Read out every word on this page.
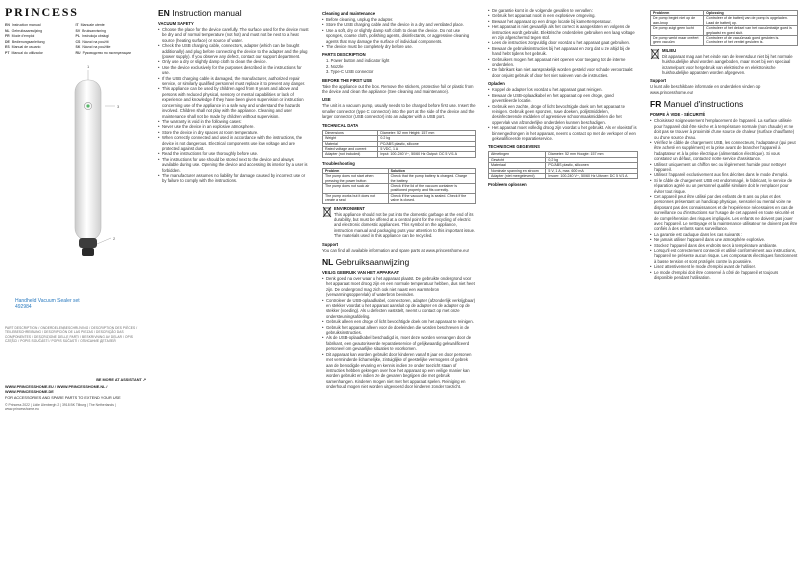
PRINCESS
EN Instruction manual	IT Manuale utente
NL Gebruiksaanwijzing	SV Bruksanvisning
FR Mode d'emploi	PL Instrukcja obsługi
DE Bedienungsanleitung	CS Návod na použití
ES Manual de usuario	SK Návod na použitie
PT Manual do utilizador	RU Руководство по эксплуатации
1
3
2
Handheld Vacuum Sealer set
492984
PART DESCRIPTION / ONDERDELENBESCHRIJVING / DESCRIPTION DES PIÈCES / TEILEBESCHREIBUNG / DESCRIPCIÓN DE LAS PIEZAS / DESCRIÇÃO DAS COMPONENTES / DESCRIZIONE DELLE PARTI / BESKRIVNING AV DELAR / OPIS CZĘŚCI / POPIS SOUČÁSTÍ / POPIS SÚČASTÍ / ОПИСАНИЕ ДЕТАЛЕЙ
BE MORE AT ASSISTANT ↗
WWW.PRINCESSHOME.EU / WWW.PRINCESSHOME.NL / WWW.PRINCESSHOME.DE
FOR ACCESSORIES AND SPARE PARTS TO EXTEND YOUR USE
© Princess 2022 | Lidie Ulenbergh 2 | 3918 BK Tilburg | The Netherlands | www.princesshome.eu
EN Instruction manual
VACUUM SAFETY
• Choose the place for the device carefully. The surface used for the device must be dry and of normal temperature (not hot) and must not be next to a heat source (heating surface) or source of water.
• Check the USB charging cable, connectors, adapter (which can be bought additionally) and plug before connecting the device to the adapter and the plug (power supply). If you observe any defect, contact our support department.
• Only use a dry or slightly damp cloth to clean the device.
• Use the device exclusively for the purposes described in the instructions for use.
• If the USB charging cable is damaged, the manufacturer, authorized repair service, or similarly qualified personnel must replace it to prevent any danger.
• This appliance can be used by children aged from 8 years and above and persons with reduced physical, sensory or mental capabilities or lack of experience and knowledge if they have been given supervision or instruction concerning use of the appliance in a safe way and understand the hazards involved. Children shall not play with the appliance. Cleaning and user maintenance shall not be made by children without supervision.
• The warranty is void in the following cases:
• Never use the device in an explosive atmosphere.
• Store the device in dry spaces at room temperature.
• When correctly connected and used in accordance with the instructions, the device is not dangerous. Electrical components use low voltage and are protected against dust.
• Read the instructions for use thoroughly before use.
• The instructions for use should be stored next to the device and always available during use. Opening the device and accessing its interior by a user is forbidden.
• The manufacturer assumes no liability for damage caused by incorrect use or by failure to comply with the instructions.
Cleaning and maintenance
• Before cleaning, unplug the adapter.
• Store the USB charging cable and the device in a dry and ventilated place.
• Use a soft, dry or slightly damp soft cloth to clean the device. Do not use sponges, coarse cloth, polishing agents, disinfectants, or aggressive cleaning agents that may damage the surface of individual components.
• The device must be completely dry before use.
PARTS DESCRIPTION
1. Power button and indicator light
2. Nozzle
3. Type-C USB connector
BEFORE THE FIRST USE

Take the appliance out the box. Remove the stickers, protective foil or plastic from the device and clean the appliance (See cleaning and maintenance).

USE

The unit is a vacuum pump, usually needs to be charged before first use. Insert the smaller connector (type C connector) into the port at the side of the device and the larger connector (USB connector) into an adapter with a USB port.

TECHNICAL DATA
Dimensions	Diameter: 52 mm Height: 157 mm
Weight	0.2 kg
Material	PC/ABS plastic, silicone
Rated voltage and current	5 VDC, 1 A
Adapter (not included)	Input: 100-240 V~, 50/60 Hz Output: DC 5 V/1 A
Troubleshooting
Problem	Solution
The pump does not start when pressing the power button	Check that the pump battery is charged. Charge the battery.
The pump does not suck air	Check if the lid of the vacuum container is positioned properly and fits correctly.
The pump works but it does not create a seal	Check if the vacuum bag is sealed. Check if the valve is closed.
ENVIRONMENT

This appliance should not be put into the domestic garbage at the end of its durability, but must be offered at a central point for the recycling of electric and electronic domestic appliances. This symbol on the appliance, instruction manual and packaging puts your attention to this important issue. The materials used in this appliance can be recycled.

Support

You can find all available information and spare parts at www.princesshome.eu!

NL Gebruiksaanwijzing
VEILIG GEBRUIK VAN HET APPARAAT
• Denk goed na over waar u het apparaat plaatst. De gebruikte ondergrond voor het apparaat moet droog zijn en een normale temperatuur hebben, dus niet heet zijn. De ondergrond mag zich ook niet naast een warmtebron (verwarmingsoppervlak) of waterbron bevinden.
• Controleer de USB-oplaadkabel, connectoren, adapter (afzonderlijk verkrijgbaar) en stekker voordat u het apparaat aansluit op de adapter en de adapter op de stekker (voeding). Als u defecten vaststelt, neemt u contact op met onze ondersteuningsafdeling.
• Gebruik alleen een droge of licht bevochtigde doek om het apparaat te reinigen.
• Gebruik het apparaat alleen voor de doeleinden die worden beschreven in de gebruiksinstructies.
• Als de USB-oplaadkabel beschadigd is, moet deze worden vervangen door de fabrikant, een geautoriseerde reparatieservice of gelijkwaardig gekwalificeerd personeel om gevaarlijke situaties te voorkomen.
• Dit apparaat kan worden gebruikt door kinderen vanaf 8 jaar en door personen met verminderde lichamelijke, zintuiglijke of geestelijke vermogens of gebrek aan de benodigde ervaring en kennis indien ze onder toezicht staan of instructies hebben gekregen over hoe het apparaat op een veilige manier kan worden gebruikt en indien ze de gevaren begrijpen die met gebruik samenhangen. Kinderen mogen niet met het apparaat spelen. Reiniging en onderhoud mogen niet worden uitgevoerd door kinderen zonder toezicht.
• De garantie komt in de volgende gevallen te vervallen:
• Gebruik het apparaat nooit in een explosieve omgeving.
• Bewaar het apparaat op een droge locatie bij kamertemperatuur.
• Het apparaat is niet gevaarlijk als het correct is aangesloten en volgens de instructies wordt gebruikt. Elektrische onderdelen gebruiken een laag voltage en zijn afgeschermd tegen stof.
• Lees de instructies zorgvuldig door voordat u het apparaat gaat gebruiken.
• Bewaar de gebruiksinstructies bij het apparaat en zorg dat u ze altijd bij de hand hebt tijdens het gebruik.
• Gebruikers mogen het apparaat niet openen voor toegang tot de interne onderdelen.
• De fabrikant kan niet aansprakelijk worden gesteld voor schade veroorzaakt door onjuist gebruik of door het niet naleven van de instructies.
Opladen
• Koppel de adapter los voordat u het apparaat gaat reinigen.
• Bewaar de USB-oplaadkabel en het apparaat op een droge, goed geventileerde locatie.
• Gebruik een zachte, droge of licht bevochtigde doek om het apparaat te reinigen. Gebruik geen sponzen, ruwe doeken, polijstmiddelen, desinfecterende middelen of agressieve schoonmaakmiddelen die het oppervlak van afzonderlijke onderdelen kunnen beschadigen.
• Het apparaat moet volledig droog zijn voordat u het gebruikt. Als er vloeistof is binnengedrongen in het apparaat, neemt u contact op met de verkoper of een gekwalificeerde reparatieservice.
TECHNISCHE GEGEVENS
Afmetingen	Diameter: 52 mm Hoogte: 157 mm
Gewicht	0,2 kg
Materiaal	PC/ABS plastic, siliconen
Nominale spanning en stroom	5 V, 1 A, max. 600 mA
Adapter (niet meegeleverd)	Invoer: 100-240 V~, 50/60 Hz Uitvoer: DC 5 V/1 A
Probleem oplossen
Probleem	Oplossing
De pomp begint niet op de aan-knop	Controleer of de batterij van de pomp is opgeladen. Laad de batterij op.
De pomp zuigt geen lucht	Controleer of het deksel van het vacuümbakje goed is geplaatst en goed sluit.
De pomp werkt maar creëert geen vacuüm	Controleer of de vacuümzak goed gesloten is. Controleer of het ventiel gesloten is.
MILIEU

Dit apparaat mag aan het einde van de levensduur niet bij het normale huishoudelijke afval worden aangeboden, maar moet bij een speciaal inzamelpunt voor hergebruik van elektrische en elektronische huishoudelijke apparaten worden afgegeven.

Support

U kunt alle beschikbare informatie en onderdelen vinden op www.princesshome.eu!

FR Manuel d'instructions
POMPE À VIDE - SÉCURITÉ
• Choisissez soigneusement l'emplacement de l'appareil. La surface utilisée pour l'appareil doit être sèche et à température normale (non chaude) et ne doit pas se trouver à proximité d'une source de chaleur (surface chauffante) ou d'une source d'eau.
• Vérifiez le câble de chargement USB, les connecteurs, l'adaptateur (qui peut être acheté en supplément) et la prise avant de brancher l'appareil à l'adaptateur et à la prise électrique (alimentation électrique). Si vous constatez un défaut, contactez notre service d'assistance.
• Utilisez uniquement un chiffon sec ou légèrement humide pour nettoyer l'appareil.
• Utilisez l'appareil exclusivement aux fins décrites dans le mode d'emploi.
• Si le câble de chargement USB est endommagé, le fabricant, le service de réparation agréé ou un personnel qualifié similaire doit le remplacer pour éviter tout risque.
• Cet appareil peut être utilisé par des enfants de 8 ans ou plus et des personnes présentant un handicap physique, sensoriel ou mental voire ne disposant pas des connaissances et de l'expérience nécessaires en cas de surveillance ou d'instructions sur l'usage de cet appareil en toute sécurité et de compréhension des risques impliqués. Les enfants ne doivent pas jouer avec l'appareil. Le nettoyage et la maintenance utilisateur ne doivent pas être confiés à des enfants sans surveillance.
• La garantie est caduque dans les cas suivants :
• Ne jamais utiliser l'appareil dans une atmosphère explosive.
• Stockez l'appareil dans des endroits secs à température ambiante.
• Lorsqu'il est correctement connecté et utilisé conformément aux instructions, l'appareil ne présente aucun risque. Les composants électriques fonctionnent à basse tension et sont protégés contre la poussière.
• Lisez attentivement le mode d'emploi avant de l'utiliser.
• Le mode d'emploi doit être conservé à côté de l'appareil et toujours disponible pendant l'utilisation.
